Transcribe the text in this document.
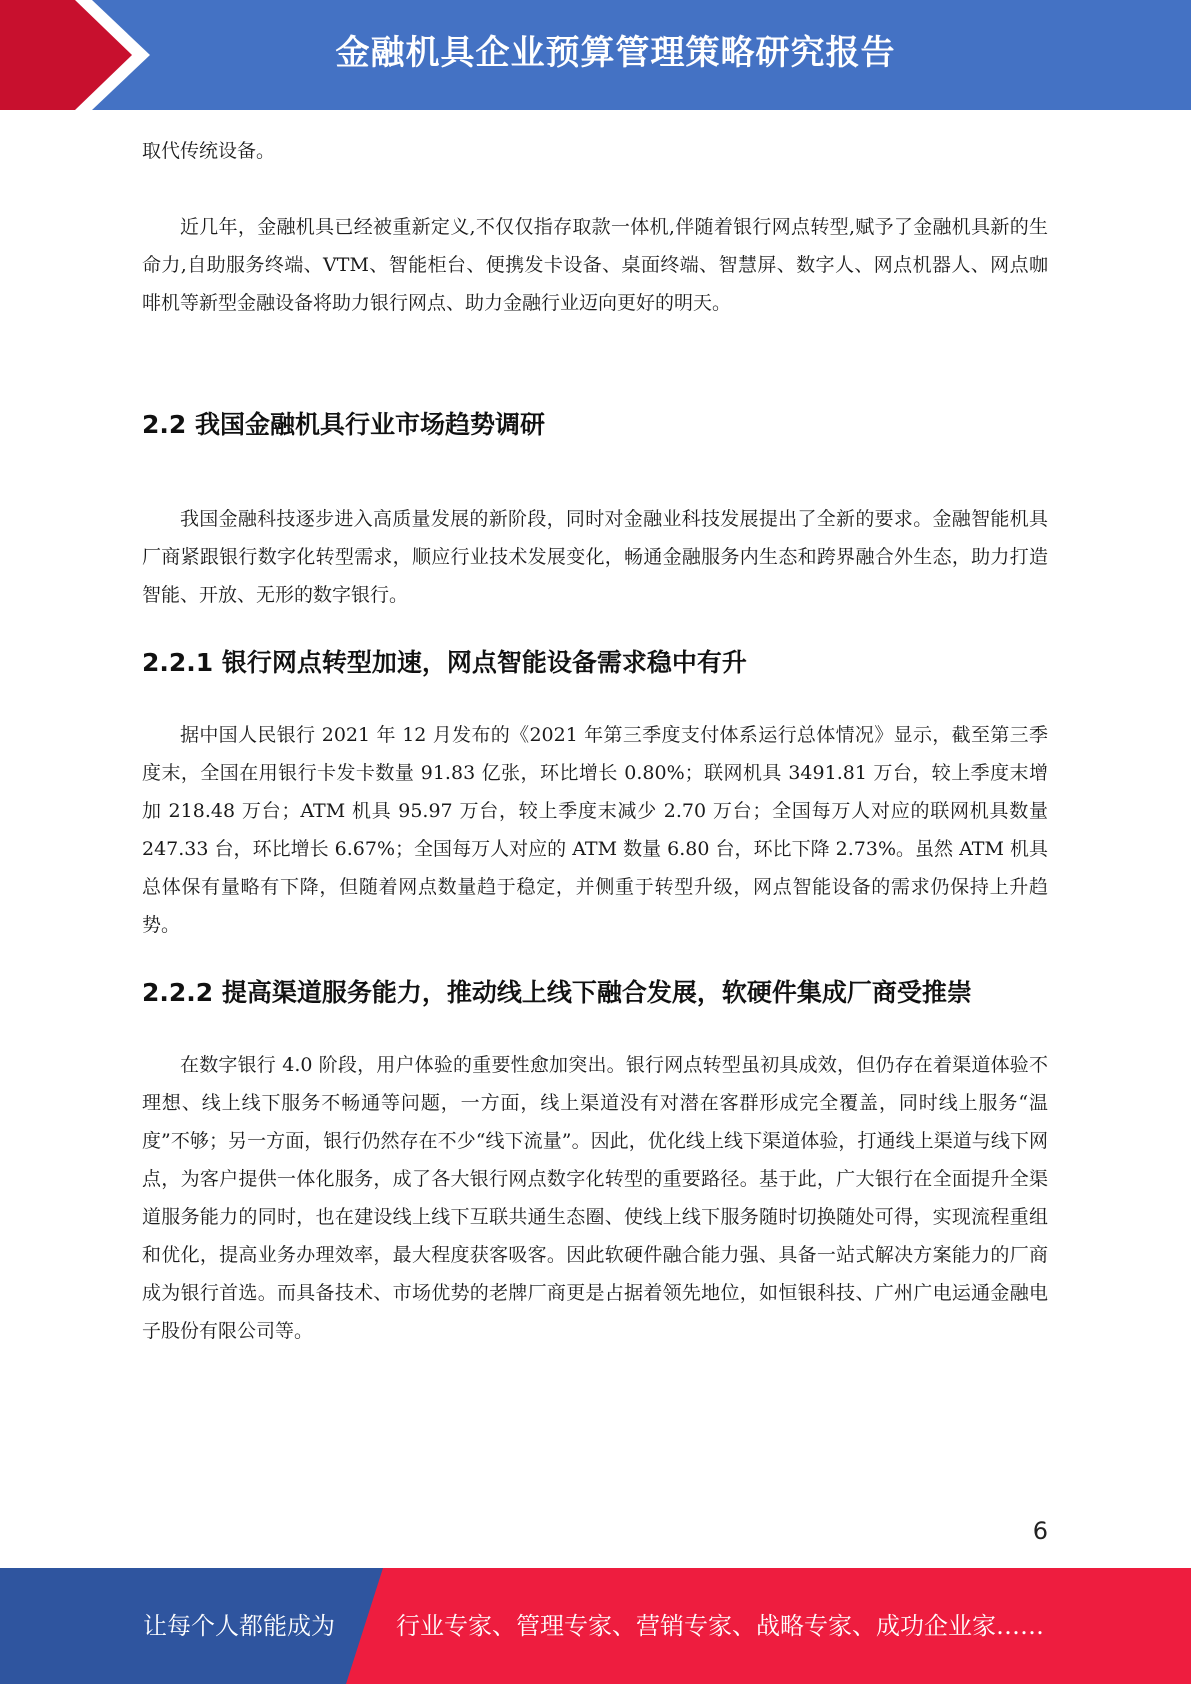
金融机具企业预算管理策略研究报告

取代传统设备。

近几年，金融机具已经被重新定义,不仅仅指存取款一体机,伴随着银行网点转型,赋予了金融机具新的生命力,自助服务终端、VTM、智能柜台、便携发卡设备、桌面终端、智慧屏、数字人、网点机器人、网点咖啡机等新型金融设备将助力银行网点、助力金融行业迈向更好的明天。

2.2 我国金融机具行业市场趋势调研

我国金融科技逐步进入高质量发展的新阶段，同时对金融业科技发展提出了全新的要求。金融智能机具厂商紧跟银行数字化转型需求，顺应行业技术发展变化，畅通金融服务内生态和跨界融合外生态，助力打造智能、开放、无形的数字银行。

2.2.1 银行网点转型加速，网点智能设备需求稳中有升

据中国人民银行 2021 年 12 月发布的《2021 年第三季度支付体系运行总体情况》显示，截至第三季度末，全国在用银行卡发卡数量 91.83 亿张，环比增长 0.80%；联网机具 3491.81 万台，较上季度末增加 218.48 万台；ATM 机具 95.97 万台，较上季度末减少 2.70 万台；全国每万人对应的联网机具数量 247.33 台，环比增长 6.67%；全国每万人对应的 ATM 数量 6.80 台，环比下降 2.73%。虽然 ATM 机具总体保有量略有下降，但随着网点数量趋于稳定，并侧重于转型升级，网点智能设备的需求仍保持上升趋势。

2.2.2 提高渠道服务能力，推动线上线下融合发展，软硬件集成厂商受推崇

在数字银行 4.0 阶段，用户体验的重要性愈加突出。银行网点转型虽初具成效，但仍存在着渠道体验不理想、线上线下服务不畅通等问题，一方面，线上渠道没有对潜在客群形成完全覆盖，同时线上服务“温度”不够；另一方面，银行仍然存在不少“线下流量”。因此，优化线上线下渠道体验，打通线上渠道与线下网点，为客户提供一体化服务，成了各大银行网点数字化转型的重要路径。基于此，广大银行在全面提升全渠道服务能力的同时，也在建设线上线下互联共通生态圈、使线上线下服务随时切换随处可得，实现流程重组和优化，提高业务办理效率，最大程度获客吸客。因此软硬件融合能力强、具备一站式解决方案能力的厂商成为银行首选。而具备技术、市场优势的老牌厂商更是占据着领先地位，如恒银科技、广州广电运通金融电子股份有限公司等。

6
让每个人都能成为	行业专家、管理专家、营销专家、战略专家、成功企业家……
